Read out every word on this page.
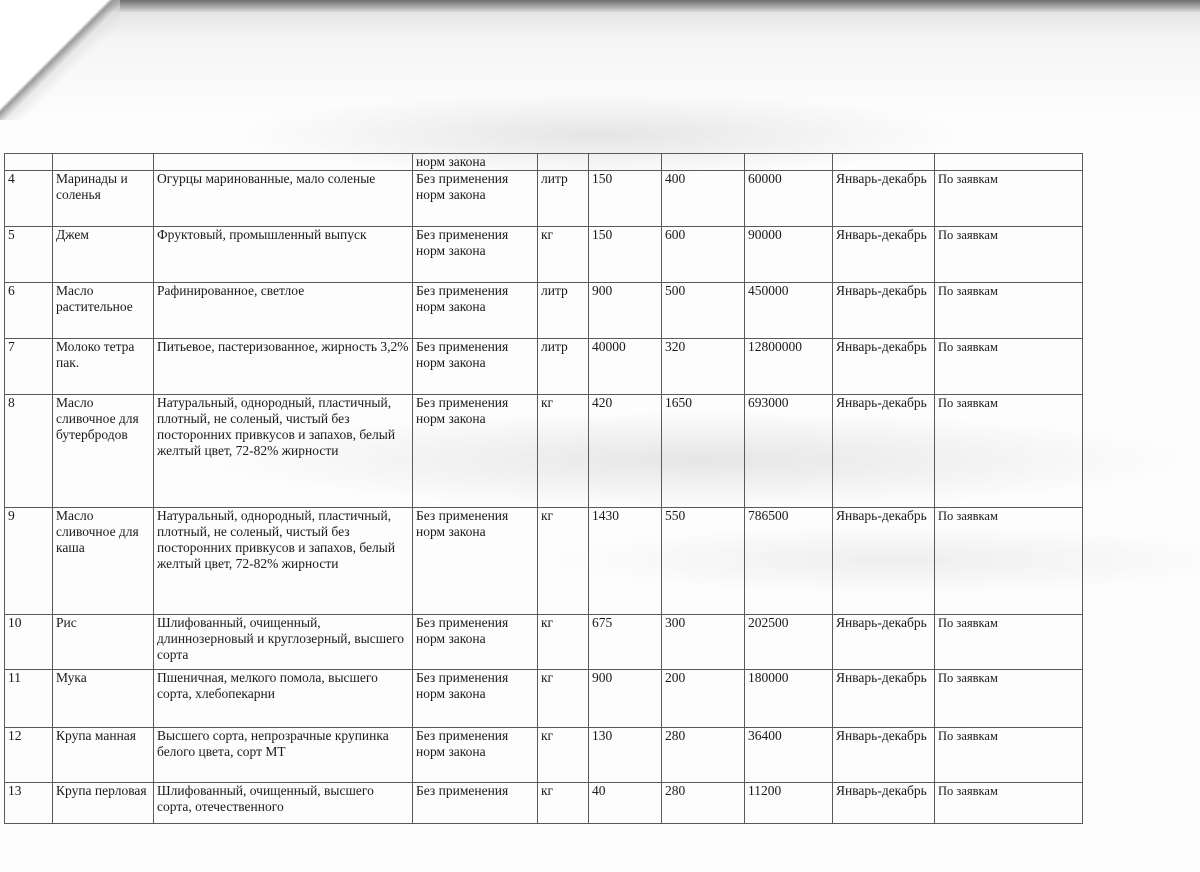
			норм закона						
4	Маринады и соленья	Огурцы маринованные, мало соленые	Без применения норм закона	литр	150	400	60000	Январь-декабрь	По заявкам
5	Джем	Фруктовый, промышленный выпуск	Без применения норм закона	кг	150	600	90000	Январь-декабрь	По заявкам
6	Масло растительное	Рафинированное, светлое	Без применения норм закона	литр	900	500	450000	Январь-декабрь	По заявкам
7	Молоко тетра пак.	Питьевое, пастеризованное, жирность 3,2%	Без применения норм закона	литр	40000	320	12800000	Январь-декабрь	По заявкам
8	Масло сливочное для бутербродов	Натуральный, однородный, пластичный, плотный, не соленый, чистый без посторонних привкусов и запахов, белый желтый цвет, 72-82% жирности	Без применения норм закона	кг	420	1650	693000	Январь-декабрь	По заявкам
9	Масло сливочное для каша	Натуральный, однородный, пластичный, плотный, не соленый, чистый без посторонних привкусов и запахов, белый желтый цвет, 72-82% жирности	Без применения норм закона	кг	1430	550	786500	Январь-декабрь	По заявкам
10	Рис	Шлифованный, очищенный, длиннозерновый и круглозерный, высшего сорта	Без применения норм закона	кг	675	300	202500	Январь-декабрь	По заявкам
11	Мука	Пшеничная, мелкого помола, высшего сорта, хлебопекарни	Без применения норм закона	кг	900	200	180000	Январь-декабрь	По заявкам
12	Крупа манная	Высшего сорта, непрозрачные крупинка белого цвета, сорт МТ	Без применения норм закона	кг	130	280	36400	Январь-декабрь	По заявкам
13	Крупа перловая	Шлифованный, очищенный, высшего сорта, отечественного	Без применения	кг	40	280	11200	Январь-декабрь	По заявкам
